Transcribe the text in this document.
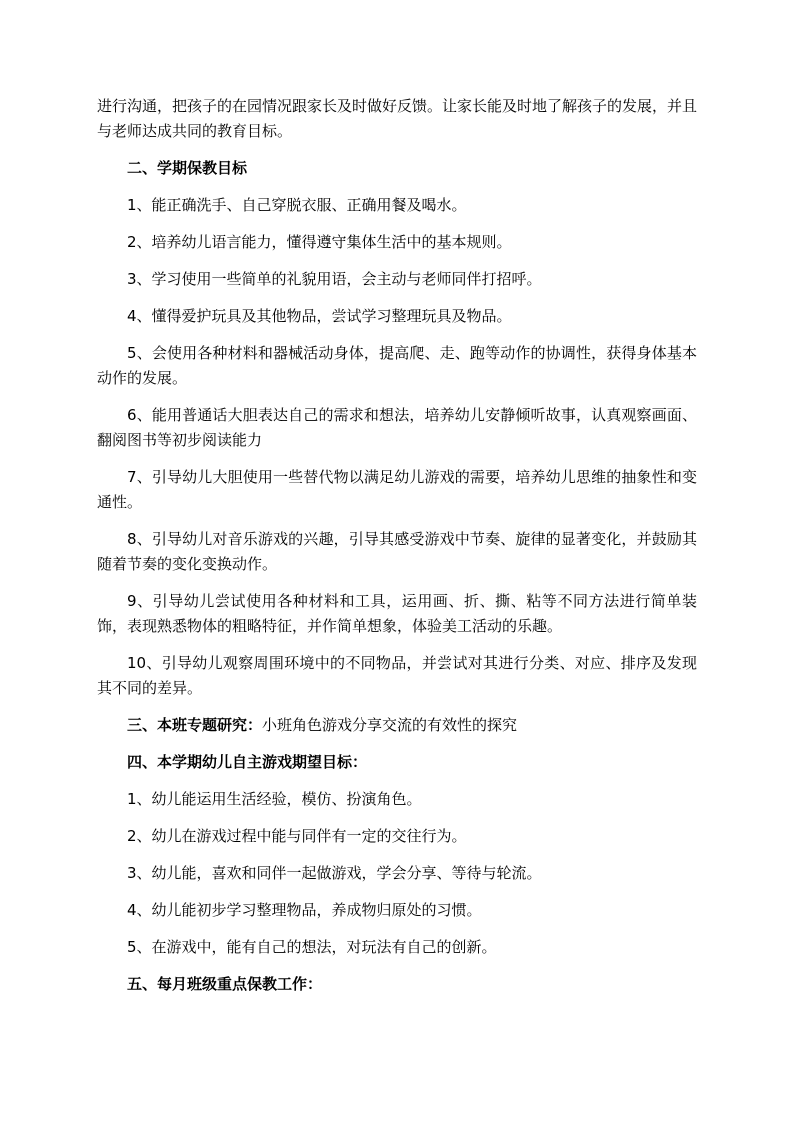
进行沟通，把孩子的在园情况跟家长及时做好反馈。让家长能及时地了解孩子的发展，并且与老师达成共同的教育目标。

二、学期保教目标

1、能正确洗手、自己穿脱衣服、正确用餐及喝水。

2、培养幼儿语言能力，懂得遵守集体生活中的基本规则。

3、学习使用一些简单的礼貌用语，会主动与老师同伴打招呼。

4、懂得爱护玩具及其他物品，尝试学习整理玩具及物品。

5、会使用各种材料和器械活动身体，提高爬、走、跑等动作的协调性，获得身体基本动作的发展。

6、能用普通话大胆表达自己的需求和想法，培养幼儿安静倾听故事，认真观察画面、翻阅图书等初步阅读能力

7、引导幼儿大胆使用一些替代物以满足幼儿游戏的需要，培养幼儿思维的抽象性和变通性。

8、引导幼儿对音乐游戏的兴趣，引导其感受游戏中节奏、旋律的显著变化，并鼓励其随着节奏的变化变换动作。

9、引导幼儿尝试使用各种材料和工具，运用画、折、撕、粘等不同方法进行简单装饰，表现熟悉物体的粗略特征，并作简单想象，体验美工活动的乐趣。

10、引导幼儿观察周围环境中的不同物品，并尝试对其进行分类、对应、排序及发现其不同的差异。

三、本班专题研究：小班角色游戏分享交流的有效性的探究

四、本学期幼儿自主游戏期望目标：

1、幼儿能运用生活经验，模仿、扮演角色。

2、幼儿在游戏过程中能与同伴有一定的交往行为。

3、幼儿能，喜欢和同伴一起做游戏，学会分享、等待与轮流。

4、幼儿能初步学习整理物品，养成物归原处的习惯。

5、在游戏中，能有自己的想法，对玩法有自己的创新。

五、每月班级重点保教工作：
